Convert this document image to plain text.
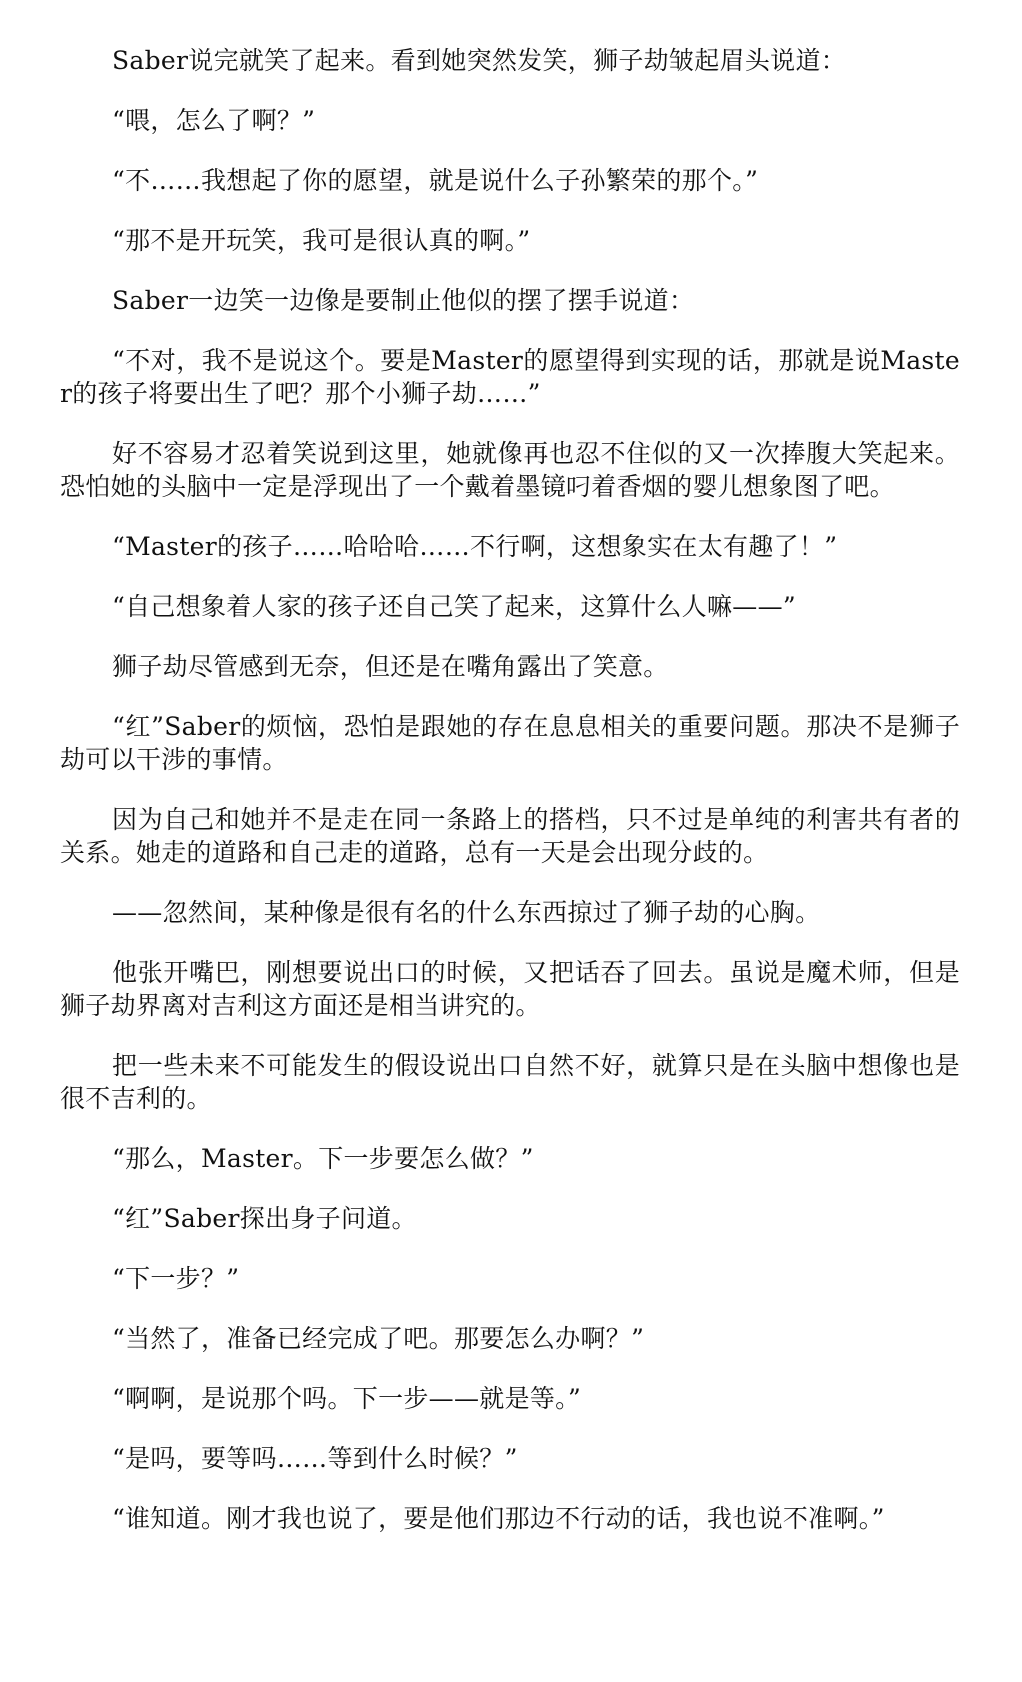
Saber说完就笑了起来。看到她突然发笑，狮子劫皱起眉头说道：

“喂，怎么了啊？”

“不……我想起了你的愿望，就是说什么子孙繁荣的那个。”

“那不是开玩笑，我可是很认真的啊。”

Saber一边笑一边像是要制止他似的摆了摆手说道：

“不对，我不是说这个。要是Master的愿望得到实现的话，那就是说Master的孩子将要出生了吧？那个小狮子劫……”

好不容易才忍着笑说到这里，她就像再也忍不住似的又一次捧腹大笑起来。恐怕她的头脑中一定是浮现出了一个戴着墨镜叼着香烟的婴儿想象图了吧。

“Master的孩子……哈哈哈……不行啊，这想象实在太有趣了！”

“自己想象着人家的孩子还自己笑了起来，这算什么人嘛——”

狮子劫尽管感到无奈，但还是在嘴角露出了笑意。

“红”Saber的烦恼，恐怕是跟她的存在息息相关的重要问题。那决不是狮子劫可以干涉的事情。

因为自己和她并不是走在同一条路上的搭档，只不过是单纯的利害共有者的关系。她走的道路和自己走的道路，总有一天是会出现分歧的。

——忽然间，某种像是很有名的什么东西掠过了狮子劫的心胸。

他张开嘴巴，刚想要说出口的时候，又把话吞了回去。虽说是魔术师，但是狮子劫界离对吉利这方面还是相当讲究的。

把一些未来不可能发生的假设说出口自然不好，就算只是在头脑中想像也是很不吉利的。

“那么，Master。下一步要怎么做？”

“红”Saber探出身子问道。

“下一步？”

“当然了，准备已经完成了吧。那要怎么办啊？”

“啊啊，是说那个吗。下一步——就是等。”

“是吗，要等吗……等到什么时候？”

“谁知道。刚才我也说了，要是他们那边不行动的话，我也说不准啊。”
